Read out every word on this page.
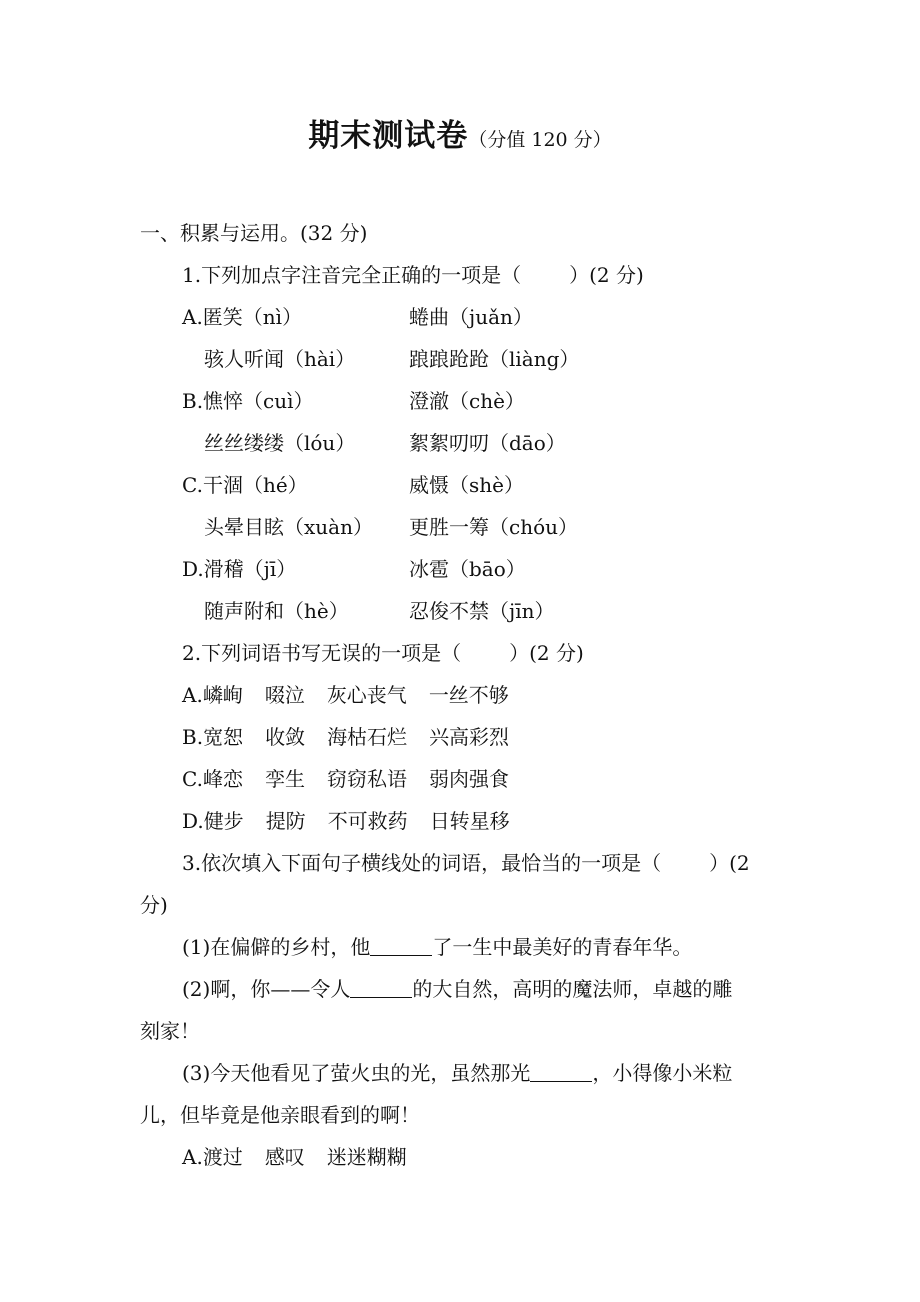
期末测试卷（分值 120 分）
一、积累与运用。(32 分)
1.下列加点字注音完全正确的一项是（ ）(2 分)
A.匿笑（nì）	蜷曲（juǎn）
骇人听闻（hài）	踉踉跄跄（liàng）
B.憔悴（cuì）	澄澈（chè）
丝丝缕缕（lóu）	絮絮叨叨（dāo）
C.干涸（hé）	威慑（shè）
头晕目眩（xuàn） 更胜一筹（chóu）
D.滑稽（jī）	冰雹（bāo）
随声附和（hè）	忍俊不禁（jīn）
2.下列词语书写无误的一项是（ ）(2 分)
A.嶙峋 啜泣 灰心丧气 一丝不够
B.宽恕 收敛 海枯石烂 兴高彩烈
C.峰恋 孪生 窃窃私语 弱肉强食
D.健步 提防 不可救药 日转星移
3.依次填入下面句子横线处的词语，最恰当的一项是（ ）(2
分)
(1)在偏僻的乡村，他	了一生中最美好的青春年华。
(2)啊，你——令人	的大自然，高明的魔法师，卓越的雕
刻家！
(3)今天他看见了萤火虫的光，虽然那光	，小得像小米粒
儿，但毕竟是他亲眼看到的啊！
A.渡过 感叹 迷迷糊糊
